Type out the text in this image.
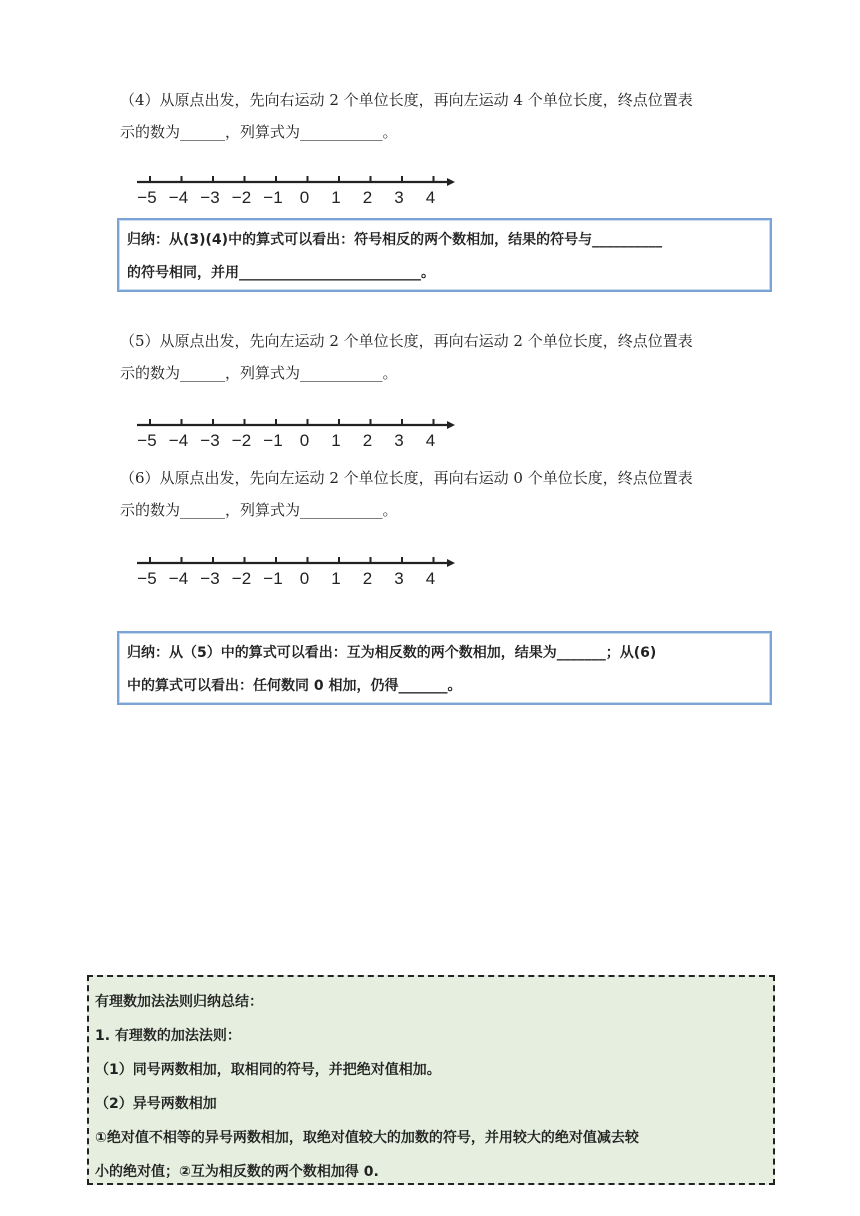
（4）从原点出发，先向右运动 2 个单位长度，再向左运动 4 个单位长度，终点位置表
示的数为______，列算式为___________。
−5 −4 −3 −2 −1 0 1 2 3 4
归纳：从(3)(4)中的算式可以看出：符号相反的两个数相加，结果的符号与__________
的符号相同，并用__________________________。
（5）从原点出发，先向左运动 2 个单位长度，再向右运动 2 个单位长度，终点位置表
示的数为______，列算式为___________。
−5 −4 −3 −2 −1 0 1 2 3 4
（6）从原点出发，先向左运动 2 个单位长度，再向右运动 0 个单位长度，终点位置表
示的数为______，列算式为___________。
−5 −4 −3 −2 −1 0 1 2 3 4
归纳：从（5）中的算式可以看出：互为相反数的两个数相加，结果为_______；从(6)
中的算式可以看出：任何数同 0 相加，仍得_______。
有理数加法法则归纳总结：
1. 有理数的加法法则：
（1）同号两数相加，取相同的符号，并把绝对值相加。
（2）异号两数相加
①绝对值不相等的异号两数相加，取绝对值较大的加数的符号，并用较大的绝对值减去较
小的绝对值；②互为相反数的两个数相加得 0.
